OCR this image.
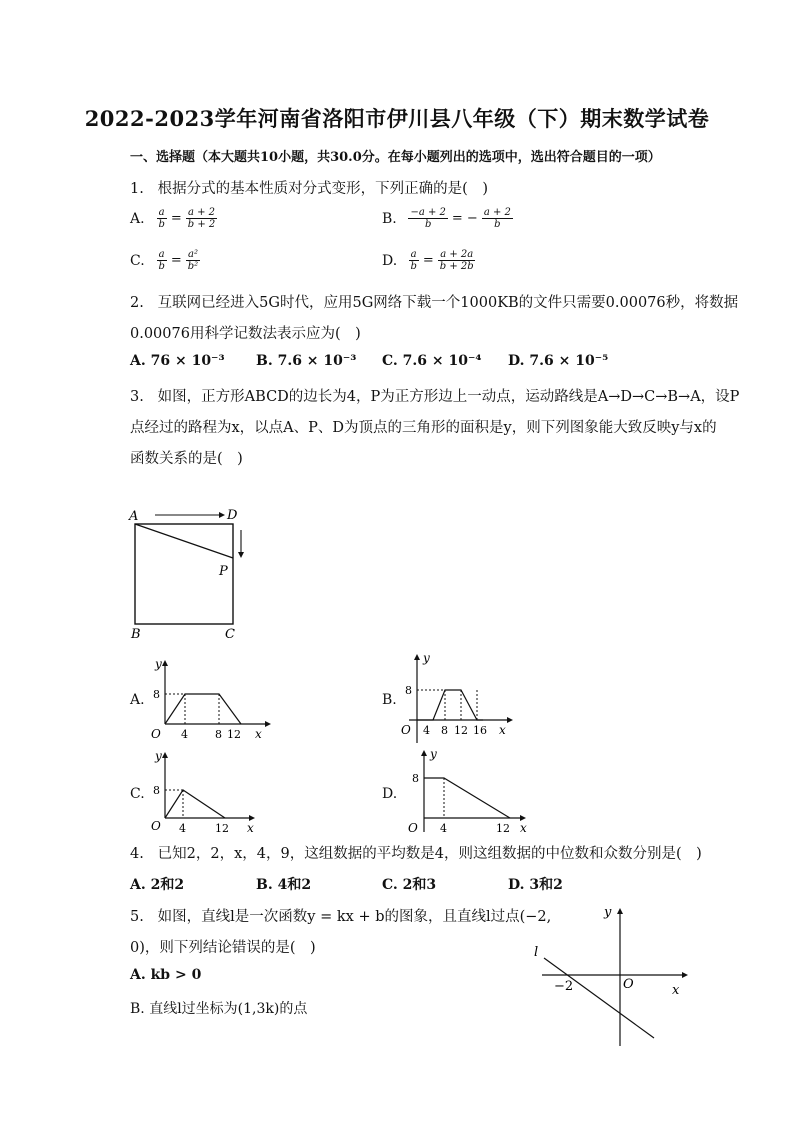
2022-2023学年河南省洛阳市伊川县八年级（下）期末数学试卷
一、选择题（本大题共10小题，共30.0分。在每小题列出的选项中，选出符合题目的一项）
1. 根据分式的基本性质对分式变形，下列正确的是(　)
A. $\frac{a}{b} = \frac{a + 2}{b + 2}$	B. $\frac{-a + 2}{b}$ = − $\frac{a + 2}{b}$
C. $\frac{a}{b} = \frac{\text{a²}}{\text{b²}}$	D. $\frac{a}{b} = \frac{a + 2a}{b + 2b}$
2. 互联网已经进入5G时代，应用5G网络下载一个1000KB的文件只需要0.00076秒，将数据
0.00076用科学记数法表示应为(　)
A. 76 × 10⁻³ B. 7.6 × 10⁻³ C. 7.6 × 10⁻⁴ D. 7.6 × 10⁻⁵
3. 如图，正方形ABCD的边长为4，P为正方形边上一动点，运动路线是A→D→C→B→A，设P
点经过的路程为x，以点A、P、D为顶点的三角形的面积是y，则下列图象能大致反映y与x的
函数关系的是(　)
A	D
P
B	C
A.
y
x
O
8
4 8 12
B.
y
x
O
8
4 8 12 16
C.
y
x
O
8
4	12
D.
y
x
O
8
4	12
4. 已知2，2，x，4，9，这组数据的平均数是4，则这组数据的中位数和众数分别是(　)
A. 2和2	B. 4和2	C. 2和3	D. 3和2
5. 如图，直线l是一次函数y = kx + b的图象，且直线l过点(−2,
0)，则下列结论错误的是(　)
A. kb > 0
B. 直线l过坐标为(1,3k)的点
y
x
O
l
−2
